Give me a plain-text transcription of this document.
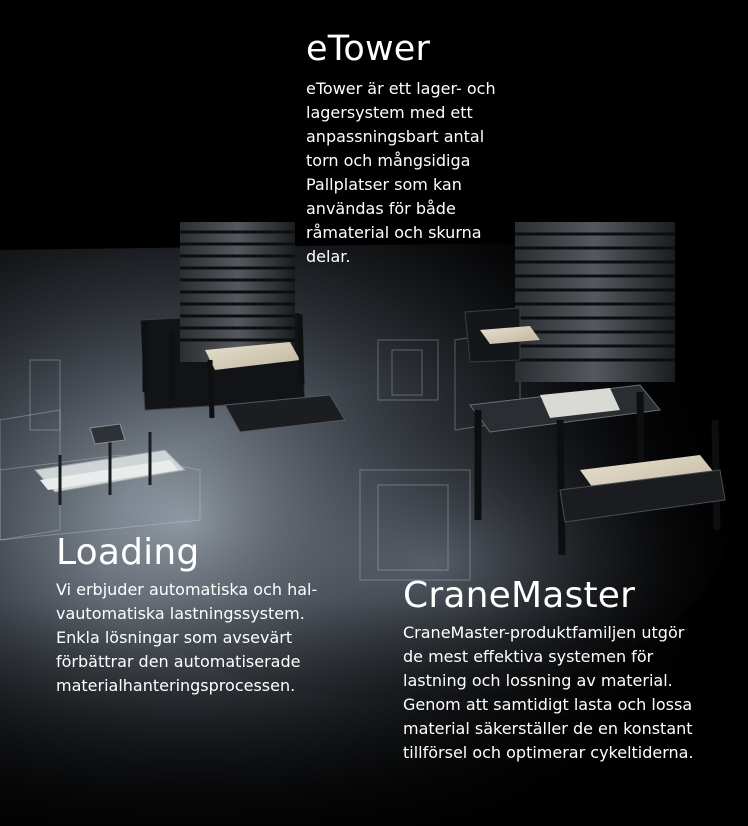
eTower

eTower är ett lager- och
lagersystem med ett
anpassningsbart antal
torn och mångsidiga
Pallplatser som kan
användas för både
råmaterial och skurna
delar.

Loading

Vi erbjuder automatiska och hal-
vautomatiska lastningssystem.
Enkla lösningar som avsevärt
förbättrar den automatiserade
materialhanteringsprocessen.

CraneMaster

CraneMaster-produktfamiljen utgör
de mest effektiva systemen för
lastning och lossning av material.
Genom att samtidigt lasta och lossa
material säkerställer de en konstant
tillförsel och optimerar cykeltiderna.
